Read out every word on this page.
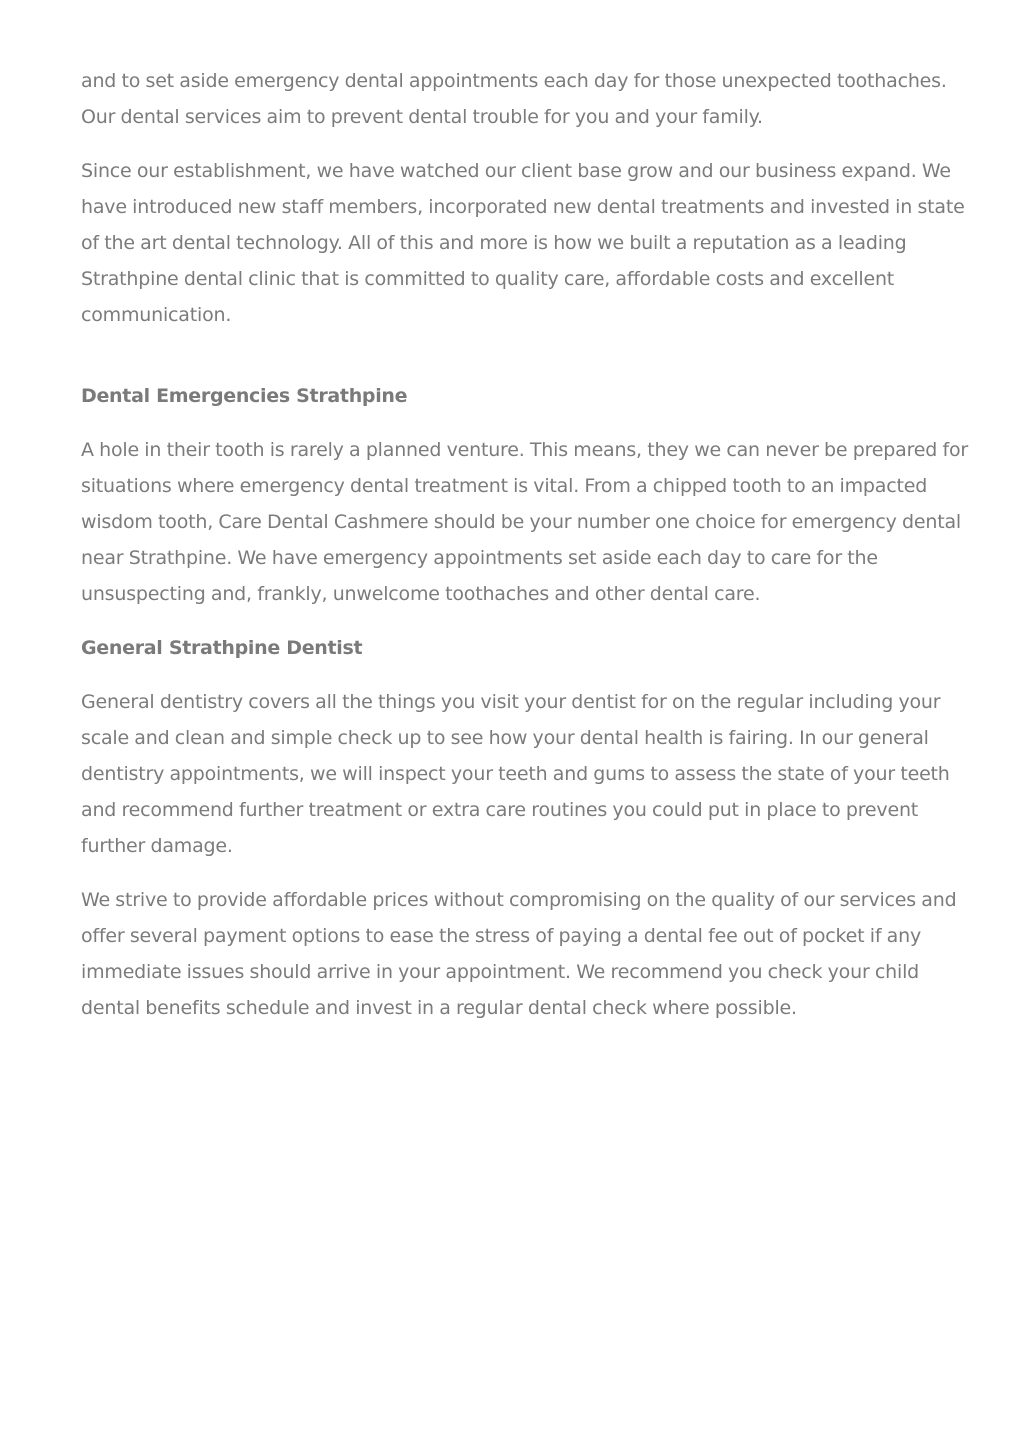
and to set aside emergency dental appointments each day for those unexpected toothaches. Our dental services aim to prevent dental trouble for you and your family.

Since our establishment, we have watched our client base grow and our business expand. We have introduced new staff members, incorporated new dental treatments and invested in state of the art dental technology. All of this and more is how we built a reputation as a leading Strathpine dental clinic that is committed to quality care, affordable costs and excellent communication.

Dental Emergencies Strathpine

A hole in their tooth is rarely a planned venture. This means, they we can never be prepared for situations where emergency dental treatment is vital. From a chipped tooth to an impacted wisdom tooth, Care Dental Cashmere should be your number one choice for emergency dental near Strathpine. We have emergency appointments set aside each day to care for the unsuspecting and, frankly, unwelcome toothaches and other dental care.

General Strathpine Dentist

General dentistry covers all the things you visit your dentist for on the regular including your scale and clean and simple check up to see how your dental health is fairing. In our general dentistry appointments, we will inspect your teeth and gums to assess the state of your teeth and recommend further treatment or extra care routines you could put in place to prevent further damage.

We strive to provide affordable prices without compromising on the quality of our services and offer several payment options to ease the stress of paying a dental fee out of pocket if any immediate issues should arrive in your appointment. We recommend you check your child dental benefits schedule and invest in a regular dental check where possible.
